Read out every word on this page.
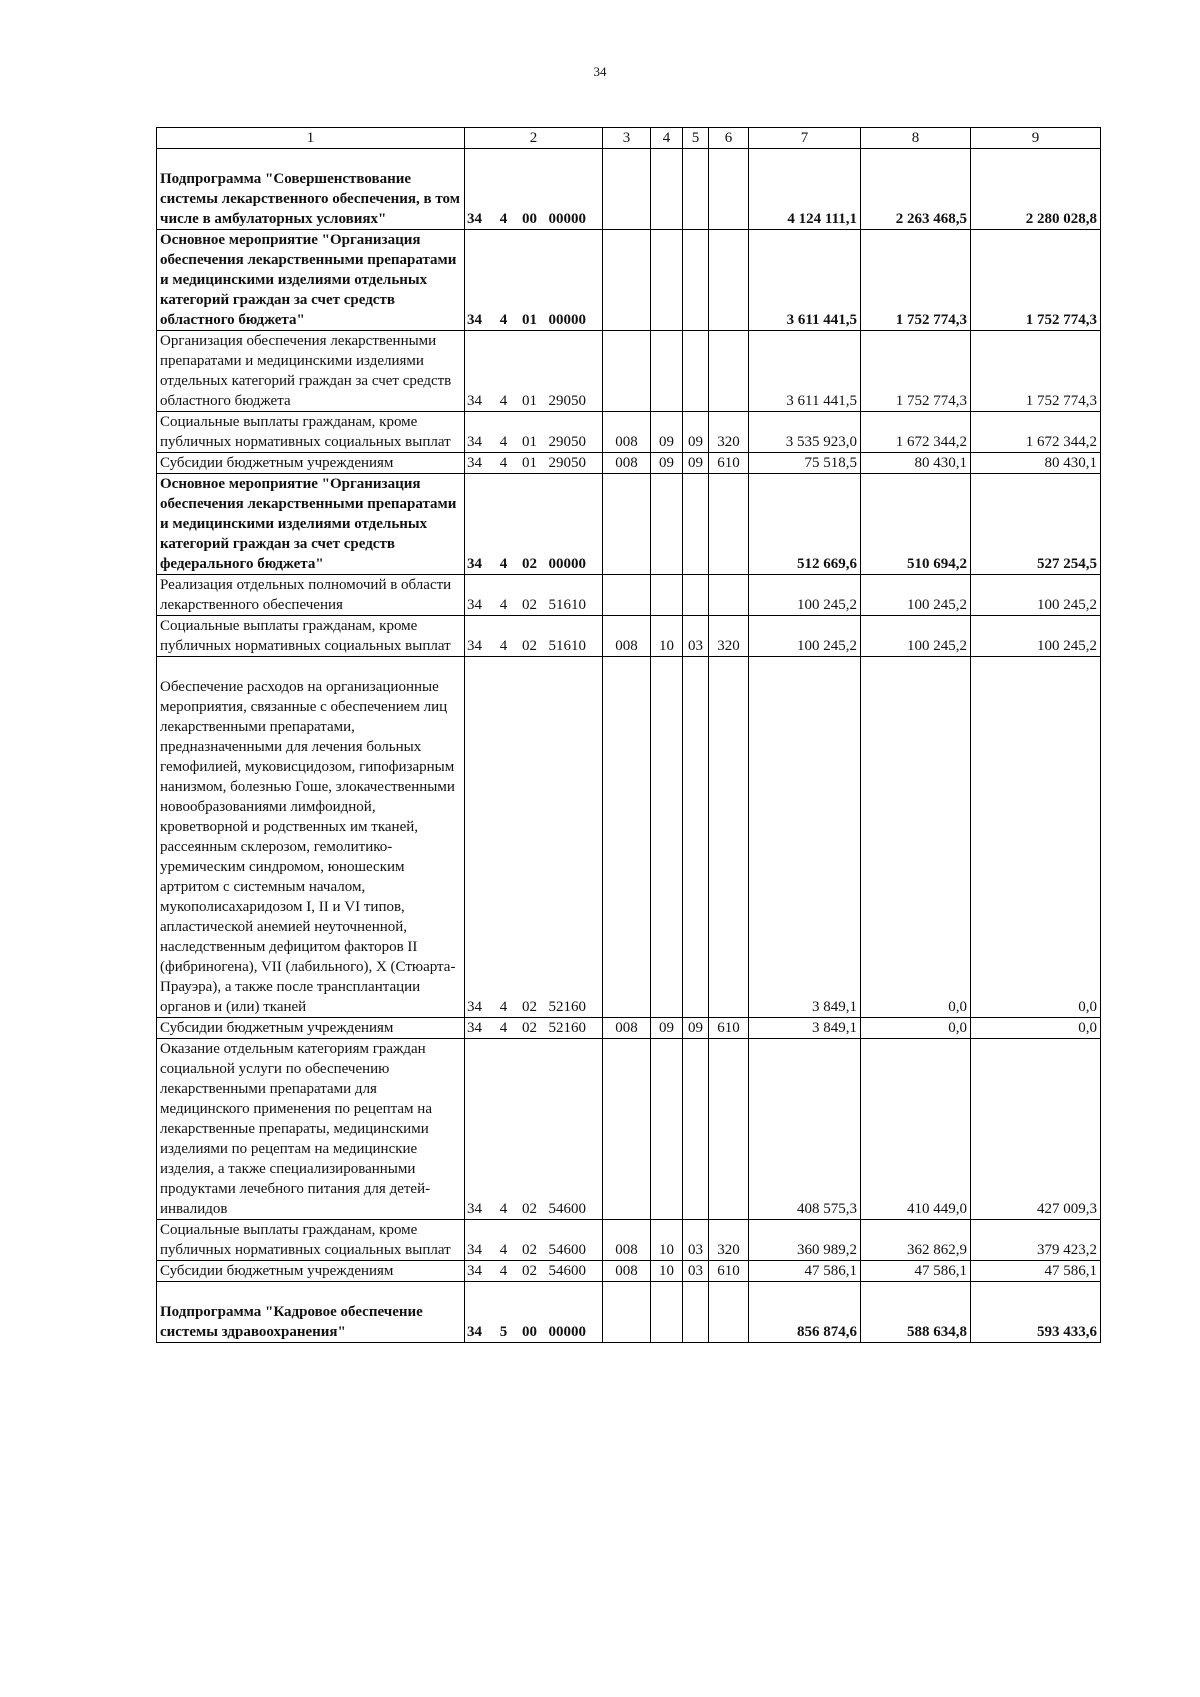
34
1	2				3	4	5	6	7	8	9

Подпрограмма "Совершенствование системы лекарственного обеспечения, в том числе в амбулаторных условиях"	34	4	00	00000					4 124 111,1	2 263 468,5	2 280 028,8
Основное мероприятие "Организация обеспечения лекарственными препаратами и медицинскими изделиями отдельных категорий граждан за счет средств областного бюджета"	34	4	01	00000					3 611 441,5	1 752 774,3	1 752 774,3
Организация обеспечения лекарственными препаратами и медицинскими изделиями отдельных категорий граждан за счет средств областного бюджета	34	4	01	29050					3 611 441,5	1 752 774,3	1 752 774,3
Социальные выплаты гражданам, кроме публичных нормативных социальных выплат	34	4	01	29050	008	09	09	320	3 535 923,0	1 672 344,2	1 672 344,2
Субсидии бюджетным учреждениям	34	4	01	29050	008	09	09	610	75 518,5	80 430,1	80 430,1
Основное мероприятие "Организация обеспечения лекарственными препаратами и медицинскими изделиями отдельных категорий граждан за счет средств федерального бюджета"	34	4	02	00000					512 669,6	510 694,2	527 254,5
Реализация отдельных полномочий в области лекарственного обеспечения	34	4	02	51610					100 245,2	100 245,2	100 245,2
Социальные выплаты гражданам, кроме публичных нормативных социальных выплат	34	4	02	51610	008	10	03	320	100 245,2	100 245,2	100 245,2

Обеспечение расходов на организационные мероприятия, связанные с обеспечением лиц лекарственными препаратами, предназначенными для лечения больных гемофилией, муковисцидозом, гипофизарным нанизмом, болезнью Гоше, злокачественными новообразованиями лимфоидной, кроветворной и родственных им тканей, рассеянным склерозом, гемолитико-уремическим синдромом, юношеским артритом с системным началом, мукополисахаридозом I, II и VI типов, апластической анемией неуточненной, наследственным дефицитом факторов II (фибриногена), VII (лабильного), X (Стюарта-Прауэра), а также после трансплантации органов и (или) тканей	34	4	02	52160					3 849,1	0,0	0,0
Субсидии бюджетным учреждениям	34	4	02	52160	008	09	09	610	3 849,1	0,0	0,0
Оказание отдельным категориям граждан социальной услуги по обеспечению лекарственными препаратами для медицинского применения по рецептам на лекарственные препараты, медицинскими изделиями по рецептам на медицинские изделия, а также специализированными продуктами лечебного питания для детей-инвалидов	34	4	02	54600					408 575,3	410 449,0	427 009,3
Социальные выплаты гражданам, кроме публичных нормативных социальных выплат	34	4	02	54600	008	10	03	320	360 989,2	362 862,9	379 423,2
Субсидии бюджетным учреждениям	34	4	02	54600	008	10	03	610	47 586,1	47 586,1	47 586,1

Подпрограмма "Кадровое обеспечение системы здравоохранения"	34	5	00	00000					856 874,6	588 634,8	593 433,6
